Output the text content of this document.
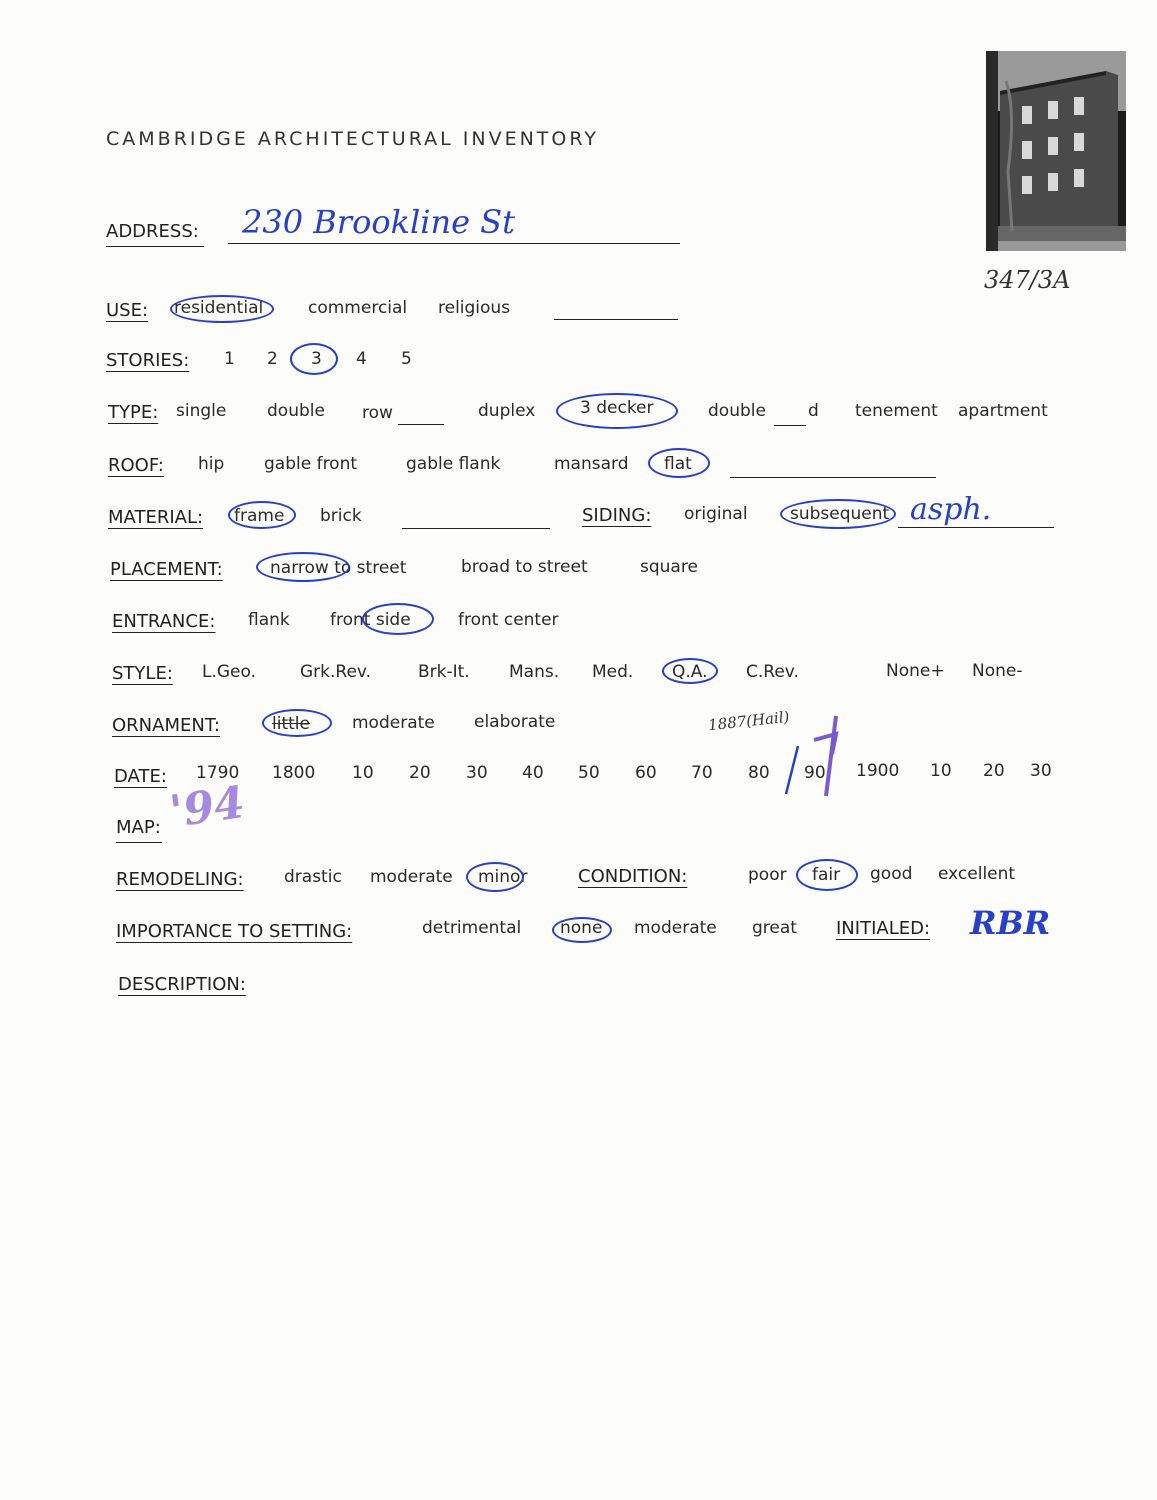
CAMBRIDGE ARCHITECTURAL INVENTORY
347/3A
ADDRESS: 230 Brookline St
USE: residential	commercial religious
STORIES: 1 2 3 4 5
TYPE: single double row	duplex	3 decker	double d tenement apartment
ROOF: hip gable front	gable flank	mansard flat
MATERIAL: frame brick	SIDING: original subsequent asph.
PLACEMENT:	narrow to street	broad to street	square
ENTRANCE: flank front side	front center
STYLE: L.Geo.	Grk.Rev.	Brk-It. Mans. Med. Q.A. C.Rev.	None+ None-
ORNAMENT:	little moderate elaborate	1887(Hail)
DATE: 1790 1800 10 20 30 40 50 60 70 80 90 1900 10 20 30
MAP: '94
REMODELING: drastic moderate minor	CONDITION:	poor fair good excellent
IMPORTANCE TO SETTING:	detrimental none moderate great INITIALED: RBR
DESCRIPTION:
